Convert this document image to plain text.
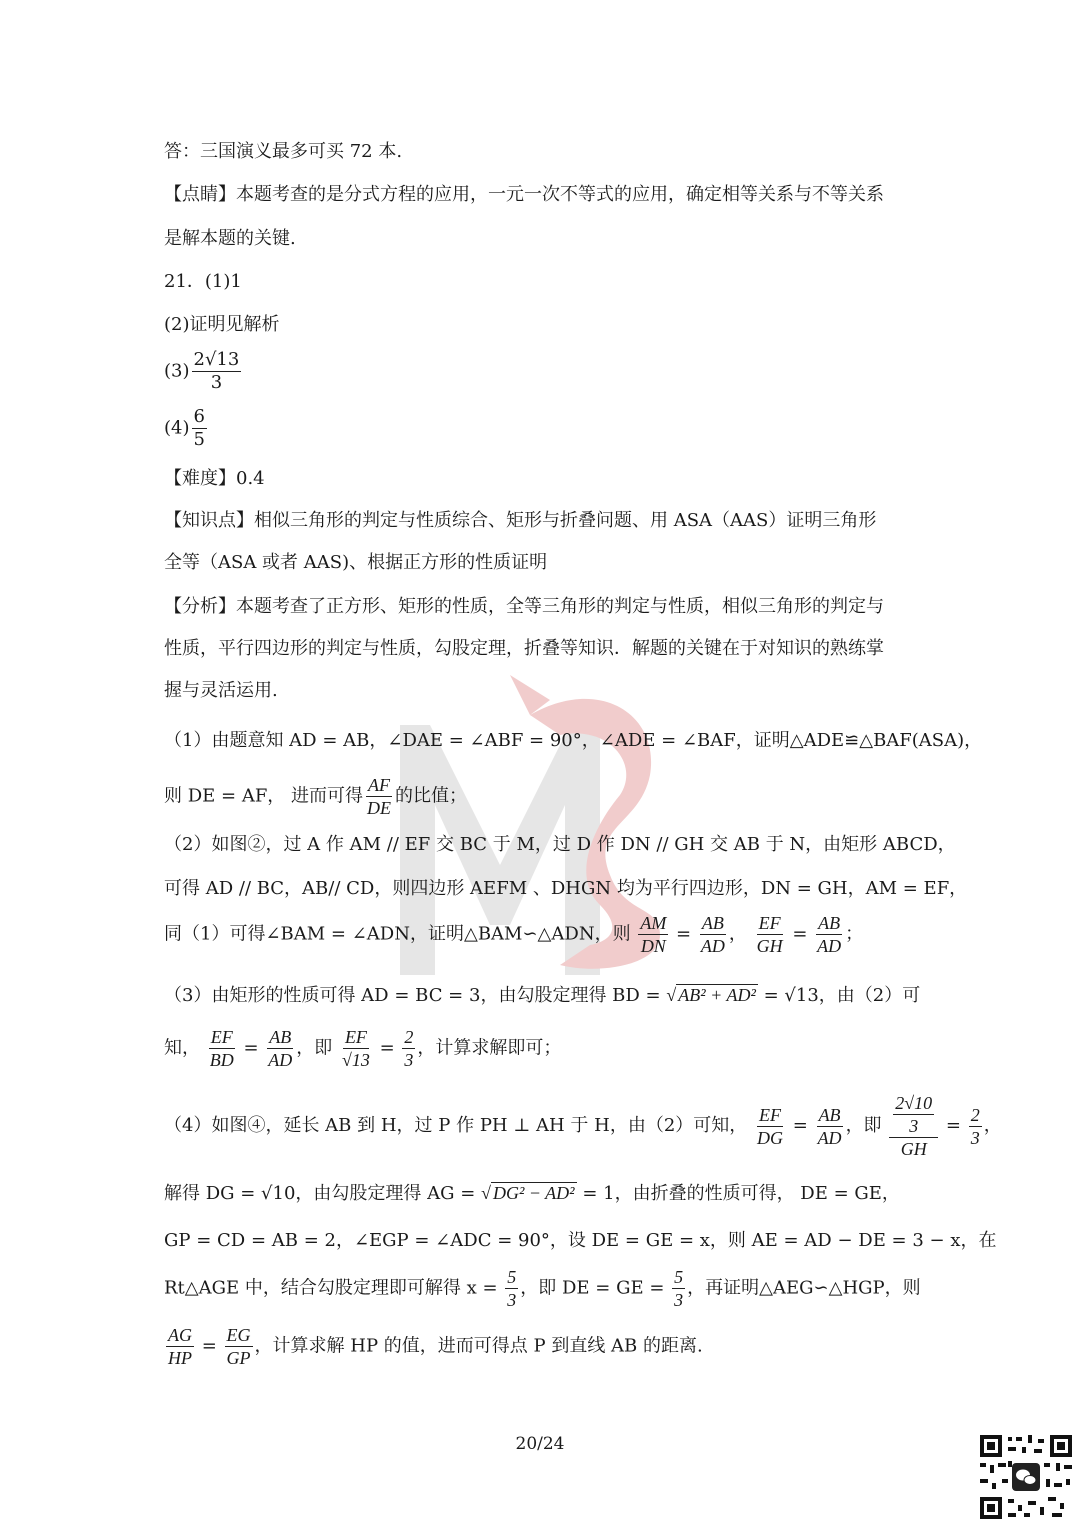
答：三国演义最多可买 72 本.
【点睛】本题考查的是分式方程的应用，一元一次不等式的应用，确定相等关系与不等关系
是解本题的关键.
21．(1)1
(2)证明见解析
$(3) \frac{2√13}{3}$
$(4) \frac{6}{5}$
【难度】0.4
【知识点】相似三角形的判定与性质综合、矩形与折叠问题、用 ASA（AAS）证明三角形
全等（ASA 或者 AAS)、根据正方形的性质证明
【分析】本题考查了正方形、矩形的性质，全等三角形的判定与性质，相似三角形的判定与
性质，平行四边形的判定与性质，勾股定理，折叠等知识．解题的关键在于对知识的熟练掌
握与灵活运用.
（1）由题意知 AD = AB，∠DAE = ∠ABF = 90°，∠ADE = ∠BAF，证明△ADE≌△BAF(ASA)，
则 DE = AF， 进而可得 $\frac{AF}{DE}$ 的比值；
（2）如图②，过 A 作 AM // EF 交 BC 于 M，过 D 作 DN // GH 交 AB 于 N，由矩形 ABCD，
可得 AD // BC，AB// CD，则四边形 AEFM 、DHGN 均为平行四边形，DN = GH，AM = EF，
同（1）可得∠BAM = ∠ADN，证明△BAM∽△ADN，则 $\frac{AM}{DN} = \frac{AB}{AD}$ ， $\frac{EF}{GH} = \frac{AB}{AD}$ ；
（3）由矩形的性质可得 AD = BC = 3，由勾股定理得 BD = √ AB² + AD² = √13，由（2）可
知， $\frac{EF}{BD} = \frac{AB}{AD}$ ，即 $\frac{EF}{√13} = \frac{2}{3}$ ，计算求解即可；
（4）如图④，延长 AB 到 H，过 P 作 PH ⊥ AH 于 H，由（2）可知， $\frac{EF}{DG} = \frac{AB}{AD}$ ，即 $\frac{\frac{2√10}{3}}{GH} = \frac{2}{3}$ ，
解得 DG = √10，由勾股定理得 AG = √ DG² − AD² = 1，由折叠的性质可得， DE = GE，
GP = CD = AB = 2，∠EGP = ∠ADC = 90°，设 DE = GE = x，则 AE = AD − DE = 3 − x，在
Rt△AGE 中，结合勾股定理即可解得 $x = \frac{5}{3}$ ，即 DE = GE = $\frac{5}{3}$ ，再证明△AEG∽△HGP，则
$\frac{AG}{HP} = \frac{EG}{GP}$ ，计算求解 HP 的值，进而可得点 P 到直线 AB 的距离.
20/24
